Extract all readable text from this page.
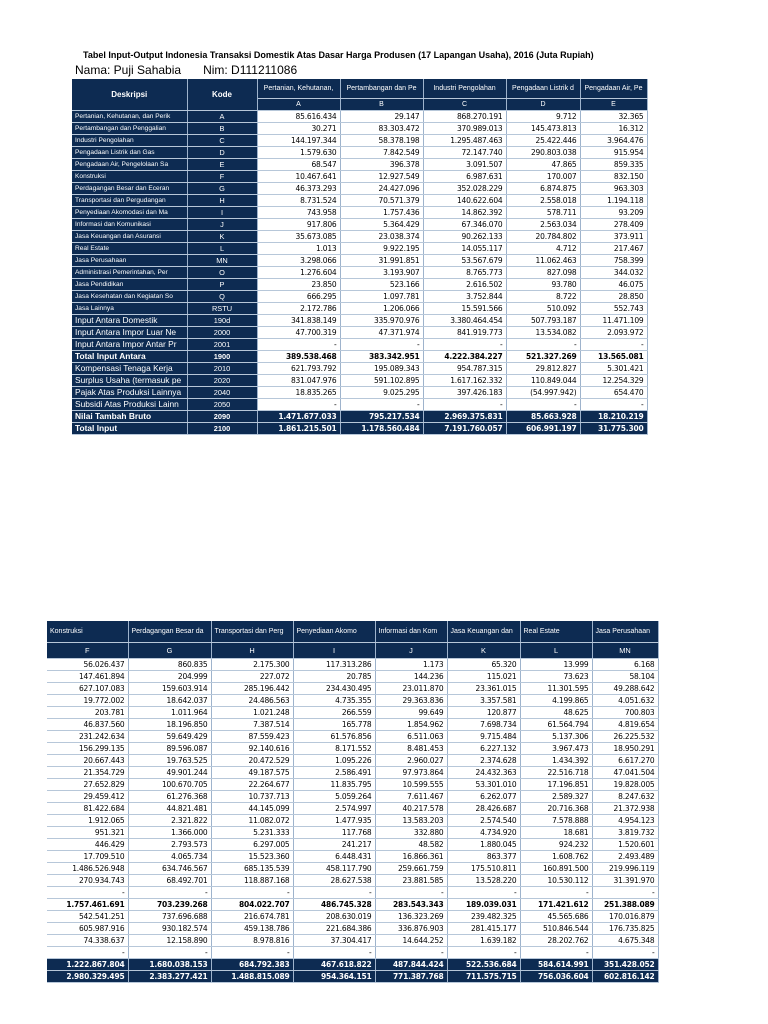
Tabel Input-Output Indonesia Transaksi Domestik Atas Dasar Harga Produsen (17 Lapangan Usaha), 2016 (Juta Rupiah)
Nama: Puji Sahabia Nim: D111211086
Deskripsi	Kode	Pertanian, Kehutanan,	Pertambangan dan Pe	Industri Pengolahan	Pengadaan Listrik d	Pengadaan Air, Pe
		A	B	C	D	E
Pertanian, Kehutanan, dan Perik	A	85.616.434	29.147	868.270.191	9.712	32.365
Pertambangan dan Penggalian	B	30.271	83.303.472	370.989.013	145.473.813	16.312
Industri Pengolahan	C	144.197.344	58.378.198	1.295.487.463	25.422.446	3.964.476
Pengadaan Listrik dan Gas	D	1.579.630	7.842.549	72.147.740	290.803.038	915.954
Pengadaan Air, Pengelolaan Sa	E	68.547	396.378	3.091.507	47.865	859.335
Konstruksi	F	10.467.641	12.927.549	6.987.631	170.007	832.150
Perdagangan Besar dan Eceran	G	46.373.293	24.427.096	352.028.229	6.874.875	963.303
Transportasi dan Pergudangan	H	8.731.524	70.571.379	140.622.604	2.558.018	1.194.118
Penyediaan Akomodasi dan Ma	I	743.958	1.757.436	14.862.392	578.711	93.209
Informasi dan Komunikasi	J	917.806	5.364.429	67.346.070	2.563.034	278.409
Jasa Keuangan dan Asuransi	K	35.673.085	23.038.374	90.262.133	20.784.802	373.911
Real Estate	L	1.013	9.922.195	14.055.117	4.712	217.467
Jasa Perusahaan	MN	3.298.066	31.991.851	53.567.679	11.062.463	758.399
Administrasi Pemerintahan, Per	O	1.276.604	3.193.907	8.765.773	827.098	344.032
Jasa Pendidikan	P	23.850	523.166	2.616.502	93.780	46.075
Jasa Kesehatan dan Kegiatan So	Q	666.295	1.097.781	3.752.844	8.722	28.850
Jasa Lainnya	RSTU	2.172.786	1.206.066	15.591.566	510.092	552.743
Input Antara Domestik	190d	341.838.149	335.970.976	3.380.464.454	507.793.187	11.471.109
Input Antara Impor Luar Ne	2000	47.700.319	47.371.974	841.919.773	13.534.082	2.093.972
Input Antara Impor Antar Pr	2001	-	-	-	-	-
Total Input Antara	1900	389.538.468	383.342.951	4.222.384.227	521.327.269	13.565.081
Kompensasi Tenaga Kerja	2010	621.793.792	195.089.343	954.787.315	29.812.827	5.301.421
Surplus Usaha (termasuk pe	2020	831.047.976	591.102.895	1.617.162.332	110.849.044	12.254.329
Pajak Atas Produksi Lainnya	2040	18.835.265	9.025.295	397.426.183	(54.997.942)	654.470
Subsidi Atas Produksi Lainn	2050	-	-	-	-	-
Nilai Tambah Bruto	2090	1.471.677.033	795.217.534	2.969.375.831	85.663.928	18.210.219
Total Input	2100	1.861.215.501	1.178.560.484	7.191.760.057	606.991.197	31.775.300
Konstruksi	Perdagangan Besar da	Transportasi dan Perg	Penyediaan Akomo	Informasi dan Kom	Jasa Keuangan dan	Real Estate	Jasa Perusahaan
F	G	H	I	J	K	L	MN
56.026.437	860.835	2.175.300	117.313.286	1.173	65.320	13.999	6.168
147.461.894	204.999	227.072	20.785	144.236	115.021	73.623	58.104
627.107.083	159.603.914	285.196.442	234.430.495	23.011.870	23.361.015	11.301.595	49.288.642
19.772.002	18.642.037	24.486.563	4.735.355	29.363.836	3.357.581	4.199.865	4.051.632
203.781	1.011.964	1.021.248	266.559	99.649	120.877	48.625	700.803
46.837.560	18.196.850	7.387.514	165.778	1.854.962	7.698.734	61.564.794	4.819.654
231.242.634	59.649.429	87.559.423	61.576.856	6.511.063	9.715.484	5.137.306	26.225.532
156.299.135	89.596.087	92.140.616	8.171.552	8.481.453	6.227.132	3.967.473	18.950.291
20.667.443	19.763.525	20.472.529	1.095.226	2.960.027	2.374.628	1.434.392	6.617.270
21.354.729	49.901.244	49.187.575	2.586.491	97.973.864	24.432.363	22.516.718	47.041.504
27.652.829	100.670.705	22.264.677	11.835.795	10.599.555	53.301.010	17.196.851	19.828.005
29.459.412	61.276.368	10.737.713	5.059.264	7.611.467	6.262.077	2.589.327	8.247.632
81.422.684	44.821.481	44.145.099	2.574.997	40.217.578	28.426.687	20.716.368	21.372.938
1.912.065	2.321.822	11.082.072	1.477.935	13.583.203	2.574.540	7.578.888	4.954.123
951.321	1.366.000	5.231.333	117.768	332.880	4.734.920	18.681	3.819.732
446.429	2.793.573	6.297.005	241.217	48.582	1.880.045	924.232	1.520.601
17.709.510	4.065.734	15.523.360	6.448.431	16.866.361	863.377	1.608.762	2.493.489
1.486.526.948	634.746.567	685.135.539	458.117.790	259.661.759	175.510.811	160.891.500	219.996.119
270.934.743	68.492.701	118.887.168	28.627.538	23.881.585	13.528.220	10.530.112	31.391.970
-	-	-	-	-	-	-	-
1.757.461.691	703.239.268	804.022.707	486.745.328	283.543.343	189.039.031	171.421.612	251.388.089
542.541.251	737.696.688	216.674.781	208.630.019	136.323.269	239.482.325	45.565.686	170.016.879
605.987.916	930.182.574	459.138.786	221.684.386	336.876.903	281.415.177	510.846.544	176.735.825
74.338.637	12.158.890	8.978.816	37.304.417	14.644.252	1.639.182	28.202.762	4.675.348
-	-	-	-	-	-	-	-
1.222.867.804	1.680.038.153	684.792.383	467.618.822	487.844.424	522.536.684	584.614.991	351.428.052
2.980.329.495	2.383.277.421	1.488.815.089	954.364.151	771.387.768	711.575.715	756.036.604	602.816.142
